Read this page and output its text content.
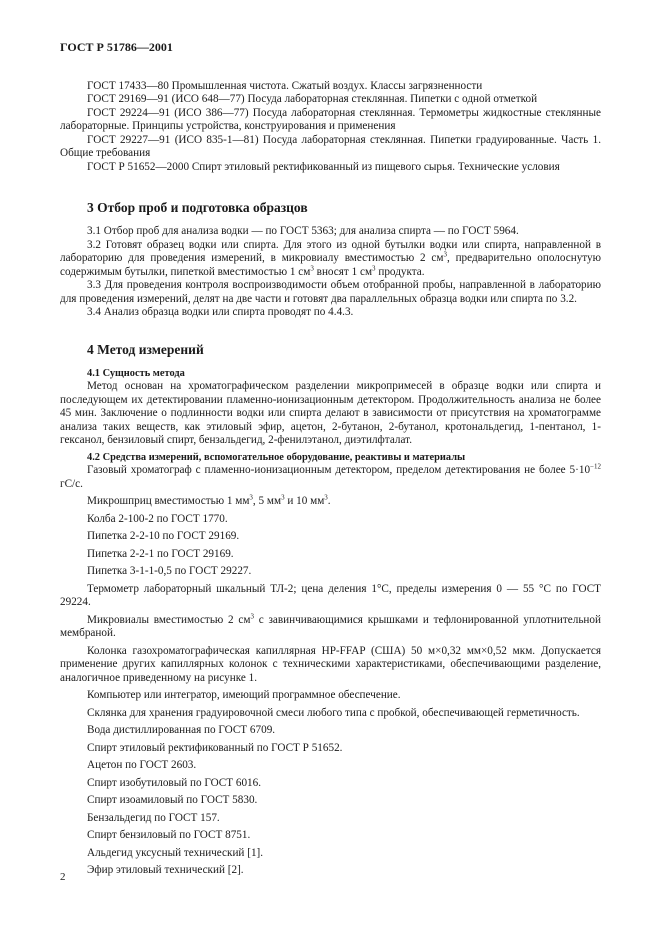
ГОСТ Р 51786—2001

ГОСТ 17433—80 Промышленная чистота. Сжатый воздух. Классы загрязненности

ГОСТ 29169—91 (ИСО 648—77) Посуда лабораторная стеклянная. Пипетки с одной отметкой

ГОСТ 29224—91 (ИСО 386—77) Посуда лабораторная стеклянная. Термометры жидкостные стеклянные лабораторные. Принципы устройства, конструирования и применения

ГОСТ 29227—91 (ИСО 835-1—81) Посуда лабораторная стеклянная. Пипетки градуированные. Часть 1. Общие требования

ГОСТ Р 51652—2000 Спирт этиловый ректификованный из пищевого сырья. Технические условия

3 Отбор проб и подготовка образцов

3.1 Отбор проб для анализа водки — по ГОСТ 5363; для анализа спирта — по ГОСТ 5964.

3.2 Готовят образец водки или спирта. Для этого из одной бутылки водки или спирта, направленной в лабораторию для проведения измерений, в микровиалу вместимостью 2 $см^3$, предварительно ополоснутую содержимым бутылки, пипеткой вместимостью 1 $см^3$ вносят 1 $см^3$ продукта.

3.3 Для проведения контроля воспроизводимости объем отобранной пробы, направленной в лабораторию для проведения измерений, делят на две части и готовят два параллельных образца водки или спирта по 3.2.

3.4 Анализ образца водки или спирта проводят по 4.4.3.

4 Метод измерений
4.1 Сущность метода

Метод основан на хроматографическом разделении микропримесей в образце водки или спирта и последующем их детектировании пламенно-ионизационным детектором. Продолжительность анализа не более 45 мин. Заключение о подлинности водки или спирта делают в зависимости от присутствия на хроматограмме анализа таких веществ, как этиловый эфир, ацетон, 2-бутанон, 2-бутанол, кротональдегид, 1-пентанол, 1-гексанол, бензиловый спирт, бензальдегид, 2-фенилэтанол, диэтилфталат.

4.2 Средства измерений, вспомогательное оборудование, реактивы и материалы

Газовый хроматограф с пламенно-ионизационным детектором, пределом детектирования не более $5\cdot 10^{-12}$ гС/с.

Микрошприц вместимостью 1 $мм^3$, 5 $мм^3$ и 10 $мм^3$.

Колба 2-100-2 по ГОСТ 1770.

Пипетка 2-2-10 по ГОСТ 29169.

Пипетка 2-2-1 по ГОСТ 29169.

Пипетка 3-1-1-0,5 по ГОСТ 29227.

Термометр лабораторный шкальный ТЛ-2; цена деления 1°С, пределы измерения 0 — 55 °С по ГОСТ 29224.

Микровиалы вместимостью 2 $см^3$ с завинчивающимися крышками и тефлонированной уплотнительной мембраной.

Колонка газохроматографическая капиллярная HP-FFAP (США) 50 м×0,32 мм×0,52 мкм. Допускается применение других капиллярных колонок с техническими характеристиками, обеспечивающими разделение, аналогичное приведенному на рисунке 1.

Компьютер или интегратор, имеющий программное обеспечение.

Склянка для хранения градуировочной смеси любого типа с пробкой, обеспечивающей герметичность.

Вода дистиллированная по ГОСТ 6709.

Спирт этиловый ректификованный по ГОСТ Р 51652.

Ацетон по ГОСТ 2603.

Спирт изобутиловый по ГОСТ 6016.

Спирт изоамиловый по ГОСТ 5830.

Бензальдегид по ГОСТ 157.

Спирт бензиловый по ГОСТ 8751.

Альдегид уксусный технический [1].

Эфир этиловый технический [2].

2
